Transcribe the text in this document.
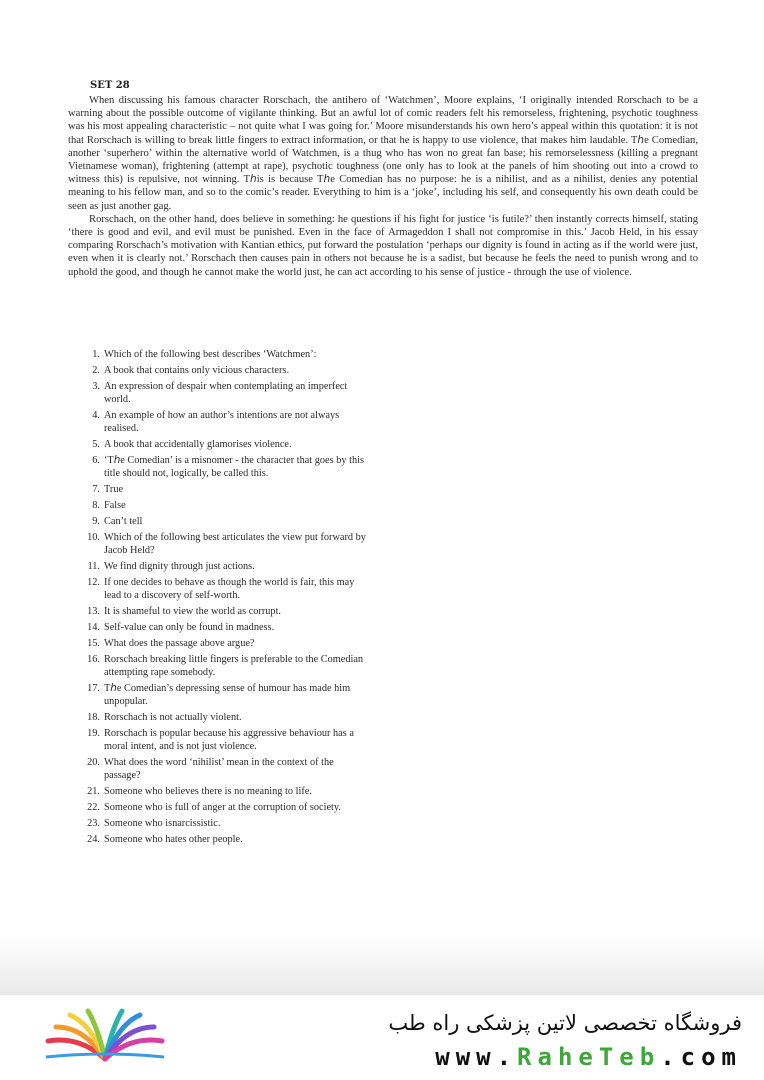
SET 28

When discussing his famous character Rorschach, the antihero of ‘Watchmen’, Moore explains, ‘I originally intended Rorschach to be a warning about the possible outcome of vigilante thinking. But an awful lot of comic readers felt his remorseless, frightening, psychotic toughness was his most appealing characteristic – not quite what I was going for.’ Moore misunderstands his own hero’s appeal within this quotation: it is not that Rorschach is willing to break little fingers to extract information, or that he is happy to use violence, that makes him laudable. Tℎe Comedian, another ‘superhero’ within the alternative world of Watchmen, is a thug who has won no great fan base; his remorselessness (killing a pregnant Vietnamese woman), frightening (attempt at rape), psychotic toughness (one only has to look at the panels of him shooting out into a crowd to witness this) is repulsive, not winning. Tℎis is because Tℎe Comedian has no purpose: he is a nihilist, and as a nihilist, denies any potential meaning to his fellow man, and so to the comic’s reader. Everything to him is a ‘joke’, including his self, and consequently his own death could be seen as just another gag.

Rorschach, on the other hand, does believe in something: he questions if his fight for justice ‘is futile?’ then instantly corrects himself, stating ‘there is good and evil, and evil must be punished. Even in the face of Armageddon I shall not compromise in this.’ Jacob Held, in his essay comparing Rorschach’s motivation with Kantian ethics, put forward the postulation ‘perhaps our dignity is found in acting as if the world were just, even when it is clearly not.’ Rorschach then causes pain in others not because he is a sadist, but because he feels the need to punish wrong and to uphold the good, and though he cannot make the world just, he can act according to his sense of justice - through the use of violence.

1. Which of the following best describes ‘Watchmen’:
2. A book that contains only vicious characters.
3. An expression of despair when contemplating an imperfect world.
4. An example of how an author’s intentions are not always realised.
5. A book that accidentally glamorises violence.
6. ‘Tℎe Comedian’ is a misnomer - the character that goes by this title should not, logically, be called this.
7. True
8. False
9. Can’t tell
10. Which of the following best articulates the view put forward by Jacob Held?
11. We find dignity through just actions.
12. If one decides to behave as though the world is fair, this may lead to a discovery of self-worth.
13. It is shameful to view the world as corrupt.
14. Self-value can only be found in madness.
15. What does the passage above argue?
16. Rorschach breaking little fingers is preferable to the Comedian attempting rape somebody.
17. Tℎe Comedian’s depressing sense of humour has made him unpopular.
18. Rorschach is not actually violent.
19. Rorschach is popular because his aggressive behaviour has a moral intent, and is not just violence.
20. What does the word ‘nihilist’ mean in the context of the passage?
21. Someone who believes there is no meaning to life.
22. Someone who is full of anger at the corruption of society.
23. Someone who isnarcissistic.
24. Someone who hates other people.
فروشگاه تخصصی لاتین پزشکی راه طب
www.RaheTeb.com
